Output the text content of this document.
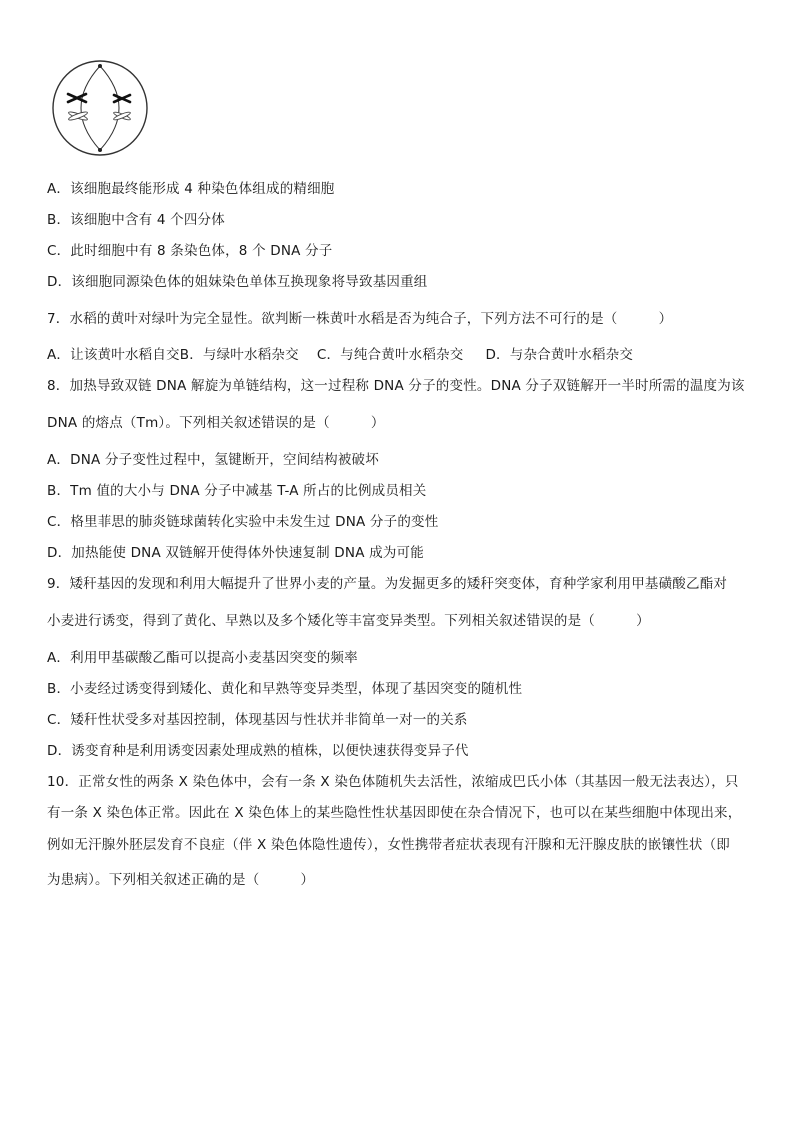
A．该细胞最终能形成 4 种染色体组成的精细胞
B．该细胞中含有 4 个四分体
C．此时细胞中有 8 条染色体，8 个 DNA 分子
D．该细胞同源染色体的姐妹染色单体互换现象将导致基因重组
7．水稻的黄叶对绿叶为完全显性。欲判断一株黄叶水稻是否为纯合子，下列方法不可行的是（　　　）
A．让该黄叶水稻自交 B．与绿叶水稻杂交 C．与纯合黄叶水稻杂交 D．与杂合黄叶水稻杂交
8．加热导致双链 DNA 解旋为单链结构，这一过程称 DNA 分子的变性。DNA 分子双链解开一半时所需的温度为该
DNA 的熔点（Tm）。下列相关叙述错误的是（　　　）
A．DNA 分子变性过程中，氢键断开，空间结构被破坏
B．Tm 值的大小与 DNA 分子中减基 T-A 所占的比例成员相关
C．格里菲思的肺炎链球菌转化实验中未发生过 DNA 分子的变性
D．加热能使 DNA 双链解开使得体外快速复制 DNA 成为可能
9．矮秆基因的发现和利用大幅提升了世界小麦的产量。为发掘更多的矮秆突变体，育种学家利用甲基磺酸乙酯对
小麦进行诱变，得到了黄化、早熟以及多个矮化等丰富变异类型。下列相关叙述错误的是（　　　）
A．利用甲基碳酸乙酯可以提高小麦基因突变的频率
B．小麦经过诱变得到矮化、黄化和早熟等变异类型，体现了基因突变的随机性
C．矮秆性状受多对基因控制，体现基因与性状并非简单一对一的关系
D．诱变育种是利用诱变因素处理成熟的植株，以便快速获得变异子代
10．正常女性的两条 X 染色体中，会有一条 X 染色体随机失去活性，浓缩成巴氏小体（其基因一般无法表达），只
有一条 X 染色体正常。因此在 X 染色体上的某些隐性性状基因即使在杂合情况下，也可以在某些细胞中体现出来，
例如无汗腺外胚层发育不良症（伴 X 染色体隐性遗传），女性携带者症状表现有汗腺和无汗腺皮肤的嵌镶性状（即
为患病）。下列相关叙述正确的是（　　　）
